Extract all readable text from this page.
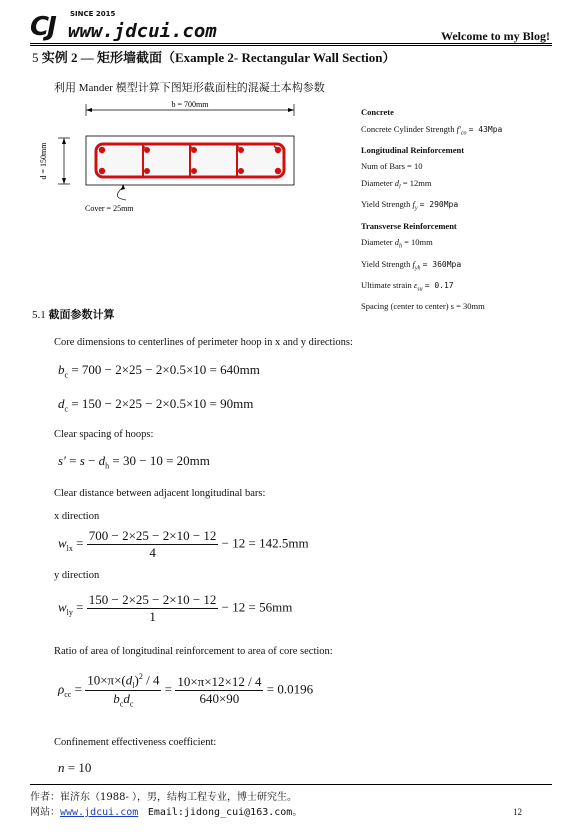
CJ SINCE 2015
www.jdcui.com	Welcome to my Blog!
5 实例 2 — 矩形墙截面（Example 2- Rectangular Wall Section）
利用 Mander 模型计算下图矩形截面柱的混凝土本构参数
b = 700mm
d = 150mm
Cover = 25mm
Concrete
Concrete Cylinder Strength $f'_{co} = 43Mpa$
Longitudinal Reinforcement
Num of Bars = 10
Diameter $d_l = 12mm$
Yield Strength $f_y = 290Mpa$
Transverse Reinforcement
Diameter $d_h = 10mm$
Yield Strength $f_{yh} = 360Mpa$
Ultimate strain $\varepsilon_{su} = 0.17$
Spacing (center to center) s = 30mm
5.1 截面参数计算
Core dimensions to centerlines of perimeter hoop in x and y directions:
$b_c = 700 - 2\times 25 - 2\times 0.5\times 10 = 640mm$
$d_c = 150 - 2\times 25 - 2\times 0.5\times 10 = 90mm$
Clear spacing of hoops:
$s' = s - d_h = 30 - 10 = 20mm$
Clear distance between adjacent longitudinal bars:
x direction
$w_{lx} = \frac{700 - 2\times 25 - 2\times 10 - 12}{4} - 12 = 142.5mm$
y direction
$w_{ly} = \frac{150 - 2\times 25 - 2\times 10 - 12}{1} - 12 = 56mm$
Ratio of area of longitudinal reinforcement to area of core section:
$\rho_{cc} = \frac{10\times\pi\times(d_l)^2 / 4}{b_cd_c} = \frac{10\times\pi\times 12\times 12 / 4}{640\times 90} = 0.0196$
Confinement effectiveness coefficient:
n = 10
作者：崔济东（1988- ），男，结构工程专业，博士研究生。
网站：www.jdcui.com Email:jidong_cui@163.com。	12
